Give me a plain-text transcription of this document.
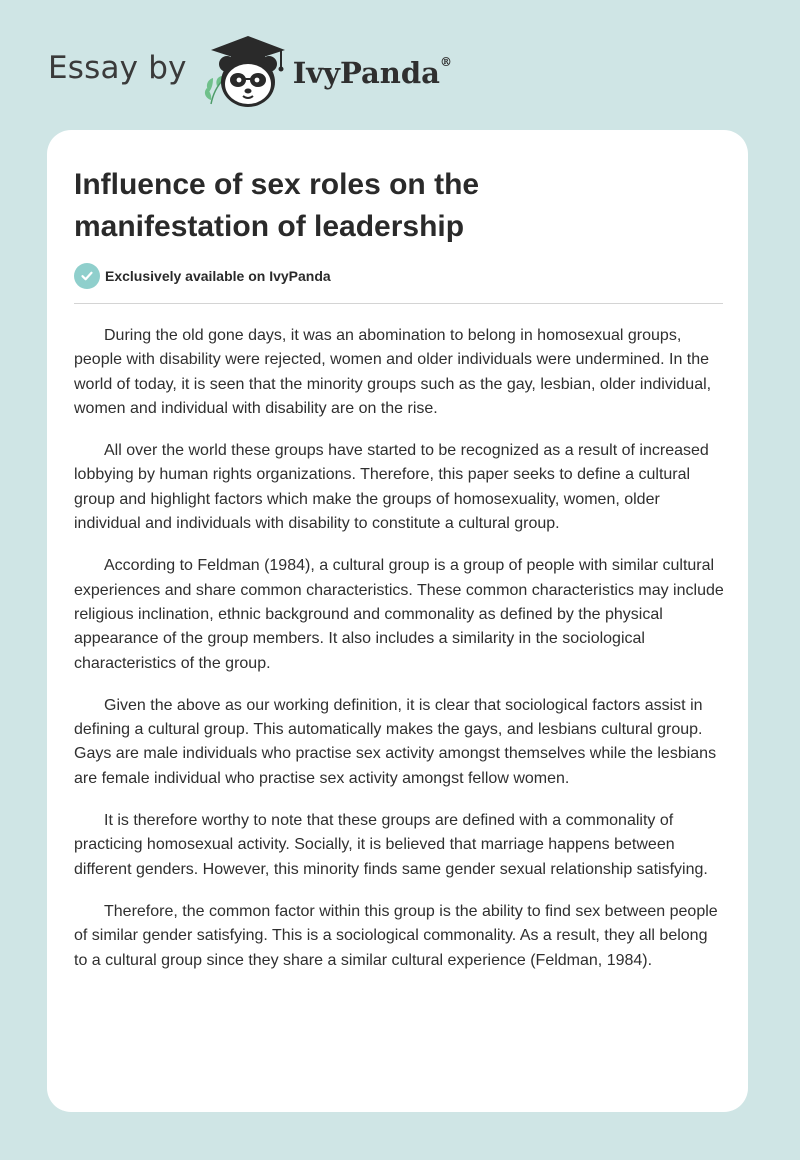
Essay by	IvyPanda®
Influence of sex roles on the manifestation of leadership
Exclusively available on IvyPanda

During the old gone days, it was an abomination to belong in homosexual groups, people with disability were rejected, women and older individuals were undermined. In the world of today, it is seen that the minority groups such as the gay, lesbian, older individual, women and individual with disability are on the rise.

All over the world these groups have started to be recognized as a result of increased lobbying by human rights organizations. Therefore, this paper seeks to define a cultural group and highlight factors which make the groups of homosexuality, women, older individual and individuals with disability to constitute a cultural group.

According to Feldman (1984), a cultural group is a group of people with similar cultural experiences and share common characteristics. These common characteristics may include religious inclination, ethnic background and commonality as defined by the physical appearance of the group members. It also includes a similarity in the sociological characteristics of the group.

Given the above as our working definition, it is clear that sociological factors assist in defining a cultural group. This automatically makes the gays, and lesbians cultural group. Gays are male individuals who practise sex activity amongst themselves while the lesbians are female individual who practise sex activity amongst fellow women.

It is therefore worthy to note that these groups are defined with a commonality of practicing homosexual activity. Socially, it is believed that marriage happens between different genders. However, this minority finds same gender sexual relationship satisfying.

Therefore, the common factor within this group is the ability to find sex between people of similar gender satisfying. This is a sociological commonality. As a result, they all belong to a cultural group since they share a similar cultural experience (Feldman, 1984).
